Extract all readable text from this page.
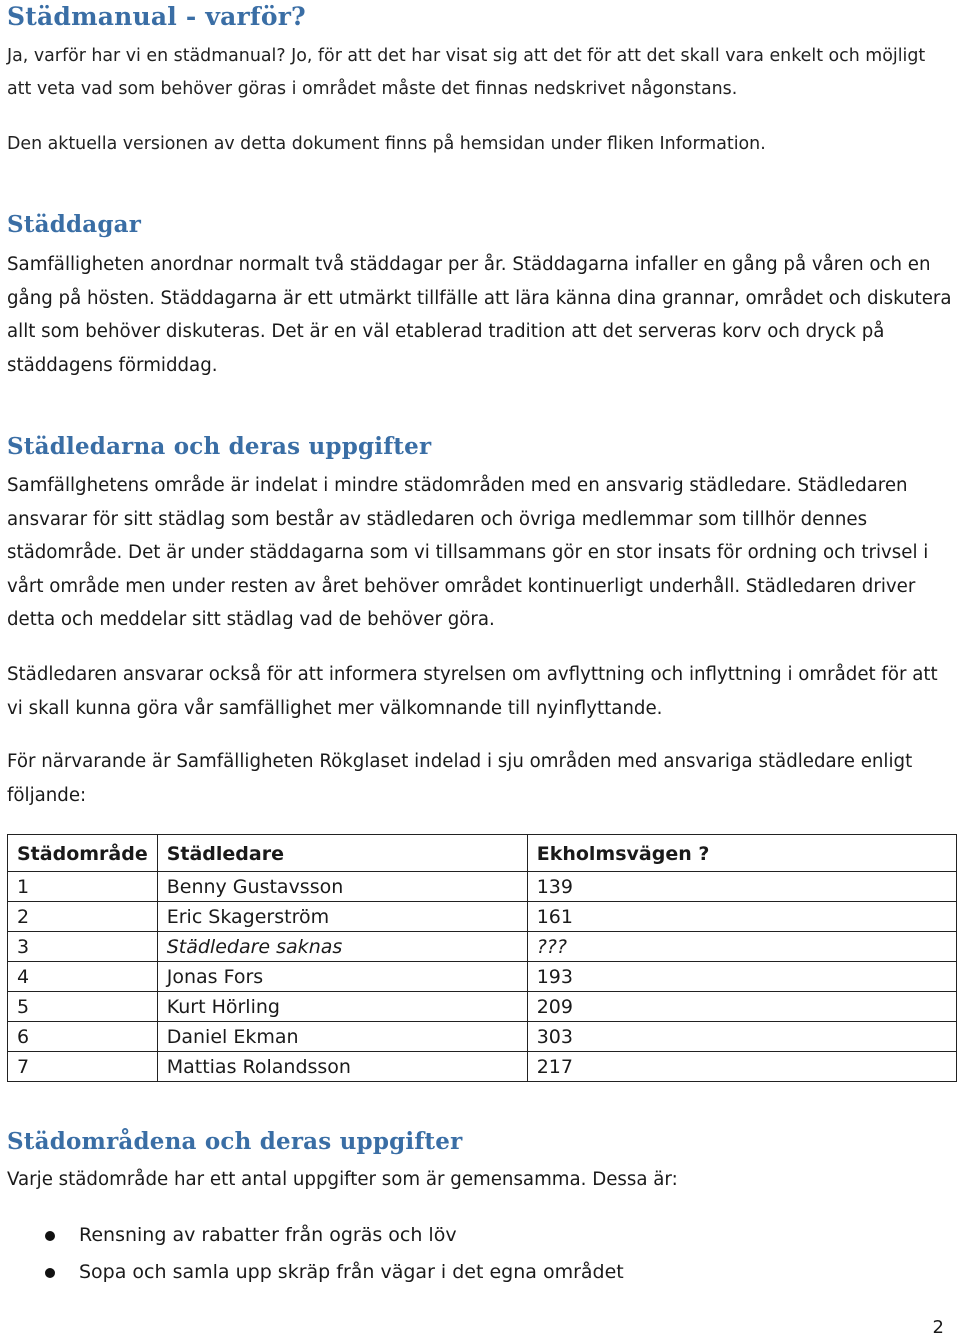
Städmanual - varför?

Ja, varför har vi en städmanual? Jo, för att det har visat sig att det för att det skall vara enkelt och möjligt att veta vad som behöver göras i området måste det finnas nedskrivet någonstans.

Den aktuella versionen av detta dokument finns på hemsidan under fliken Information.

Städdagar

Samfälligheten anordnar normalt två städdagar per år. Städdagarna infaller en gång på våren och en gång på hösten. Städdagarna är ett utmärkt tillfälle att lära känna dina grannar, området och diskutera allt som behöver diskuteras. Det är en väl etablerad tradition att det serveras korv och dryck på städdagens förmiddag.

Städledarna och deras uppgifter

Samfällghetens område är indelat i mindre städområden med en ansvarig städledare. Städledaren ansvarar för sitt städlag som består av städledaren och övriga medlemmar som tillhör dennes städområde. Det är under städdagarna som vi tillsammans gör en stor insats för ordning och trivsel i vårt område men under resten av året behöver området kontinuerligt underhåll. Städledaren driver detta och meddelar sitt städlag vad de behöver göra.

Städledaren ansvarar också för att informera styrelsen om avflyttning och inflyttning i området för att vi skall kunna göra vår samfällighet mer välkomnande till nyinflyttande.

För närvarande är Samfälligheten Rökglaset indelad i sju områden med ansvariga städledare enligt följande:

Städområde	Städledare	Ekholmsvägen ?
1	Benny Gustavsson	139
2	Eric Skagerström	161
3	Städledare saknas	???
4	Jonas Fors	193
5	Kurt Hörling	209
6	Daniel Ekman	303
7	Mattias Rolandsson	217
Städområdena och deras uppgifter

Varje städområde har ett antal uppgifter som är gemensamma. Dessa är:

Rensning av rabatter från ogräs och löv
Sopa och samla upp skräp från vägar i det egna området
2
